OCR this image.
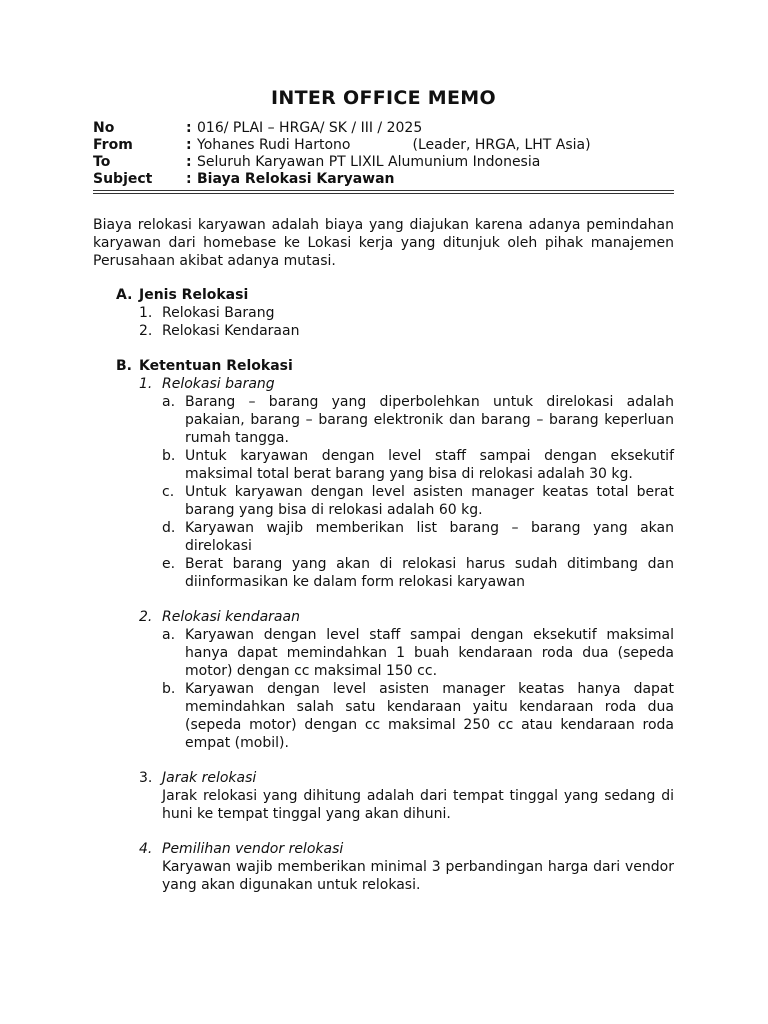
INTER OFFICE MEMO
No	: 016/ PLAI – HRGA/ SK / III / 2025
From	: Yohanes Rudi Hartono	(Leader, HRGA, LHT Asia)
To	: Seluruh Karyawan PT LIXIL Alumunium Indonesia
Subject	: Biaya Relokasi Karyawan

Biaya relokasi karyawan adalah biaya yang diajukan karena adanya pemindahan karyawan dari homebase ke Lokasi kerja yang ditunjuk oleh pihak manajemen Perusahaan akibat adanya mutasi.

A. Jenis Relokasi
1. Relokasi Barang
2. Relokasi Kendaraan
B. Ketentuan Relokasi
1. Relokasi barang
a. Barang – barang yang diperbolehkan untuk direlokasi adalah pakaian, barang – barang elektronik dan barang – barang keperluan rumah tangga.
b. Untuk karyawan dengan level staff sampai dengan eksekutif maksimal total berat barang yang bisa di relokasi adalah 30 kg.
c. Untuk karyawan dengan level asisten manager keatas total berat barang yang bisa di relokasi adalah 60 kg.
d. Karyawan wajib memberikan list barang – barang yang akan direlokasi
e. Berat barang yang akan di relokasi harus sudah ditimbang dan diinformasikan ke dalam form relokasi karyawan
2. Relokasi kendaraan
a. Karyawan dengan level staff sampai dengan eksekutif maksimal hanya dapat memindahkan 1 buah kendaraan roda dua (sepeda motor) dengan cc maksimal 150 cc.
b. Karyawan dengan level asisten manager keatas hanya dapat memindahkan salah satu kendaraan yaitu kendaraan roda dua (sepeda motor) dengan cc maksimal 250 cc atau kendaraan roda empat (mobil).
3. Jarak relokasi
Jarak relokasi yang dihitung adalah dari tempat tinggal yang sedang di huni ke tempat tinggal yang akan dihuni.
4. Pemilihan vendor relokasi
Karyawan wajib memberikan minimal 3 perbandingan harga dari vendor yang akan digunakan untuk relokasi.
